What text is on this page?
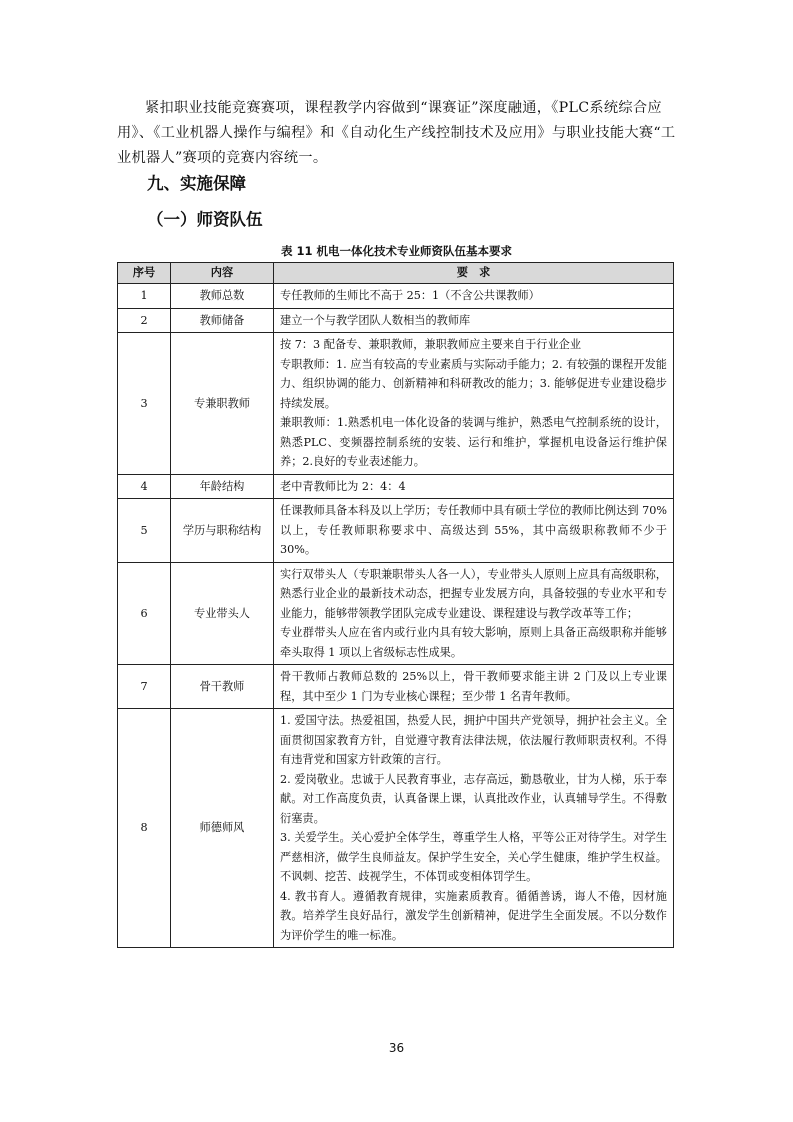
紧扣职业技能竞赛赛项，课程教学内容做到“课赛证”深度融通，《PLC系统综合应用》、《工业机器人操作与编程》和《自动化生产线控制技术及应用》与职业技能大赛“工业机器人”赛项的竞赛内容统一。

九、实施保障
（一）师资队伍

表 11 机电一体化技术专业师资队伍基本要求

序号	内容	要　求
1	教师总数	专任教师的生师比不高于 25：1（不含公共课教师）

2	教师储备	建立一个与教学团队人数相当的教师库

3	专兼职教师	按 7：3 配备专、兼职教师，兼职教师应主要来自于行业企业

专职教师：1. 应当有较高的专业素质与实际动手能力；2. 有较强的课程开发能力、组织协调的能力、创新精神和科研教改的能力；3. 能够促进专业建设稳步持续发展。

兼职教师：1.熟悉机电一体化设备的装调与维护，熟悉电气控制系统的设计，熟悉PLC、变频器控制系统的安装、运行和维护，掌握机电设备运行维护保养；2.良好的专业表述能力。

4	年龄结构	老中青教师比为 2：4：4

5	学历与职称结构	任课教师具备本科及以上学历；专任教师中具有硕士学位的教师比例达到 70%以上，专任教师职称要求中、高级达到 55%，其中高级职称教师不少于 30%。

6	专业带头人	实行双带头人（专职兼职带头人各一人），专业带头人原则上应具有高级职称，熟悉行业企业的最新技术动态，把握专业发展方向，具备较强的专业水平和专业能力，能够带领教学团队完成专业建设、课程建设与教学改革等工作；

专业群带头人应在省内或行业内具有较大影响，原则上具备正高级职称并能够牵头取得 1 项以上省级标志性成果。

7	骨干教师	骨干教师占教师总数的 25%以上，骨干教师要求能主讲 2 门及以上专业课程，其中至少 1 门为专业核心课程；至少带 1 名青年教师。

8	师德师风	1. 爱国守法。热爱祖国，热爱人民，拥护中国共产党领导，拥护社会主义。全面贯彻国家教育方针，自觉遵守教育法律法规，依法履行教师职责权利。不得有违背党和国家方针政策的言行。

2. 爱岗敬业。忠诚于人民教育事业，志存高远，勤恳敬业，甘为人梯，乐于奉献。对工作高度负责，认真备课上课，认真批改作业，认真辅导学生。不得敷衍塞责。

3. 关爱学生。关心爱护全体学生，尊重学生人格，平等公正对待学生。对学生严慈相济，做学生良师益友。保护学生安全，关心学生健康，维护学生权益。不讽刺、挖苦、歧视学生，不体罚或变相体罚学生。

4. 教书育人。遵循教育规律，实施素质教育。循循善诱，诲人不倦，因材施教。培养学生良好品行，激发学生创新精神，促进学生全面发展。不以分数作为评价学生的唯一标准。

36
